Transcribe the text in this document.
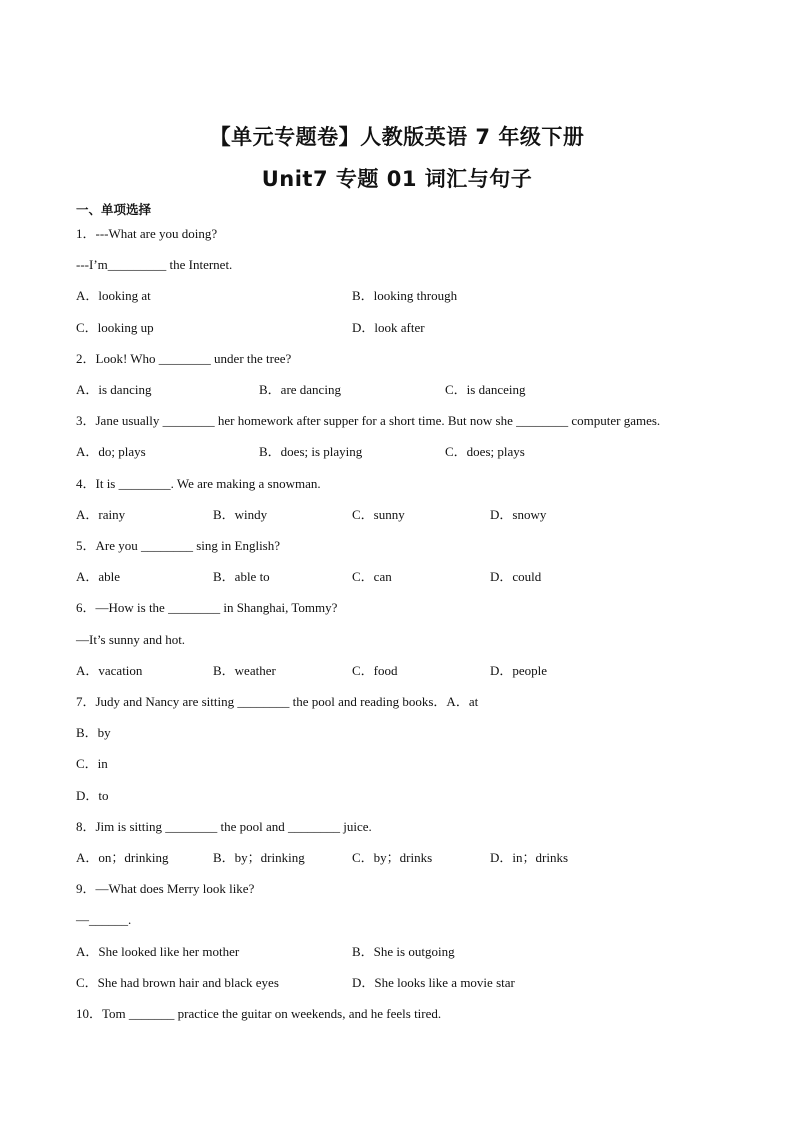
【单元专题卷】人教版英语 7 年级下册
Unit7 专题 01 词汇与句子
一、单项选择
1．---What are you doing?
---I’m_________ the Internet.
A．looking at	B．looking through
C．looking up	D．look after
2．Look! Who ________ under the tree?
A．is dancing	B．are dancing	C．is danceing
3．Jane usually ________ her homework after supper for a short time. But now she ________ computer games.
A．do; plays	B．does; is playing	C．does; plays
4．It is ________. We are making a snowman.
A．rainy	B．windy	C．sunny	D．snowy
5．Are you ________ sing in English?
A．able	B．able to	C．can	D．could
6．—How is the ________ in Shanghai, Tommy?
—It’s sunny and hot.
A．vacation	B．weather	C．food	D．people
7．Judy and Nancy are sitting ________ the pool and reading books．A．at
B．by
C．in
D．to
8．Jim is sitting ________ the pool and ________ juice.
A．on；drinking	B．by；drinking	C．by；drinks	D．in；drinks
9．—What does Merry look like?
—______.
A．She looked like her mother	B．She is outgoing
C．She had brown hair and black eyes	D．She looks like a movie star
10．Tom _______ practice the guitar on weekends, and he feels tired.
